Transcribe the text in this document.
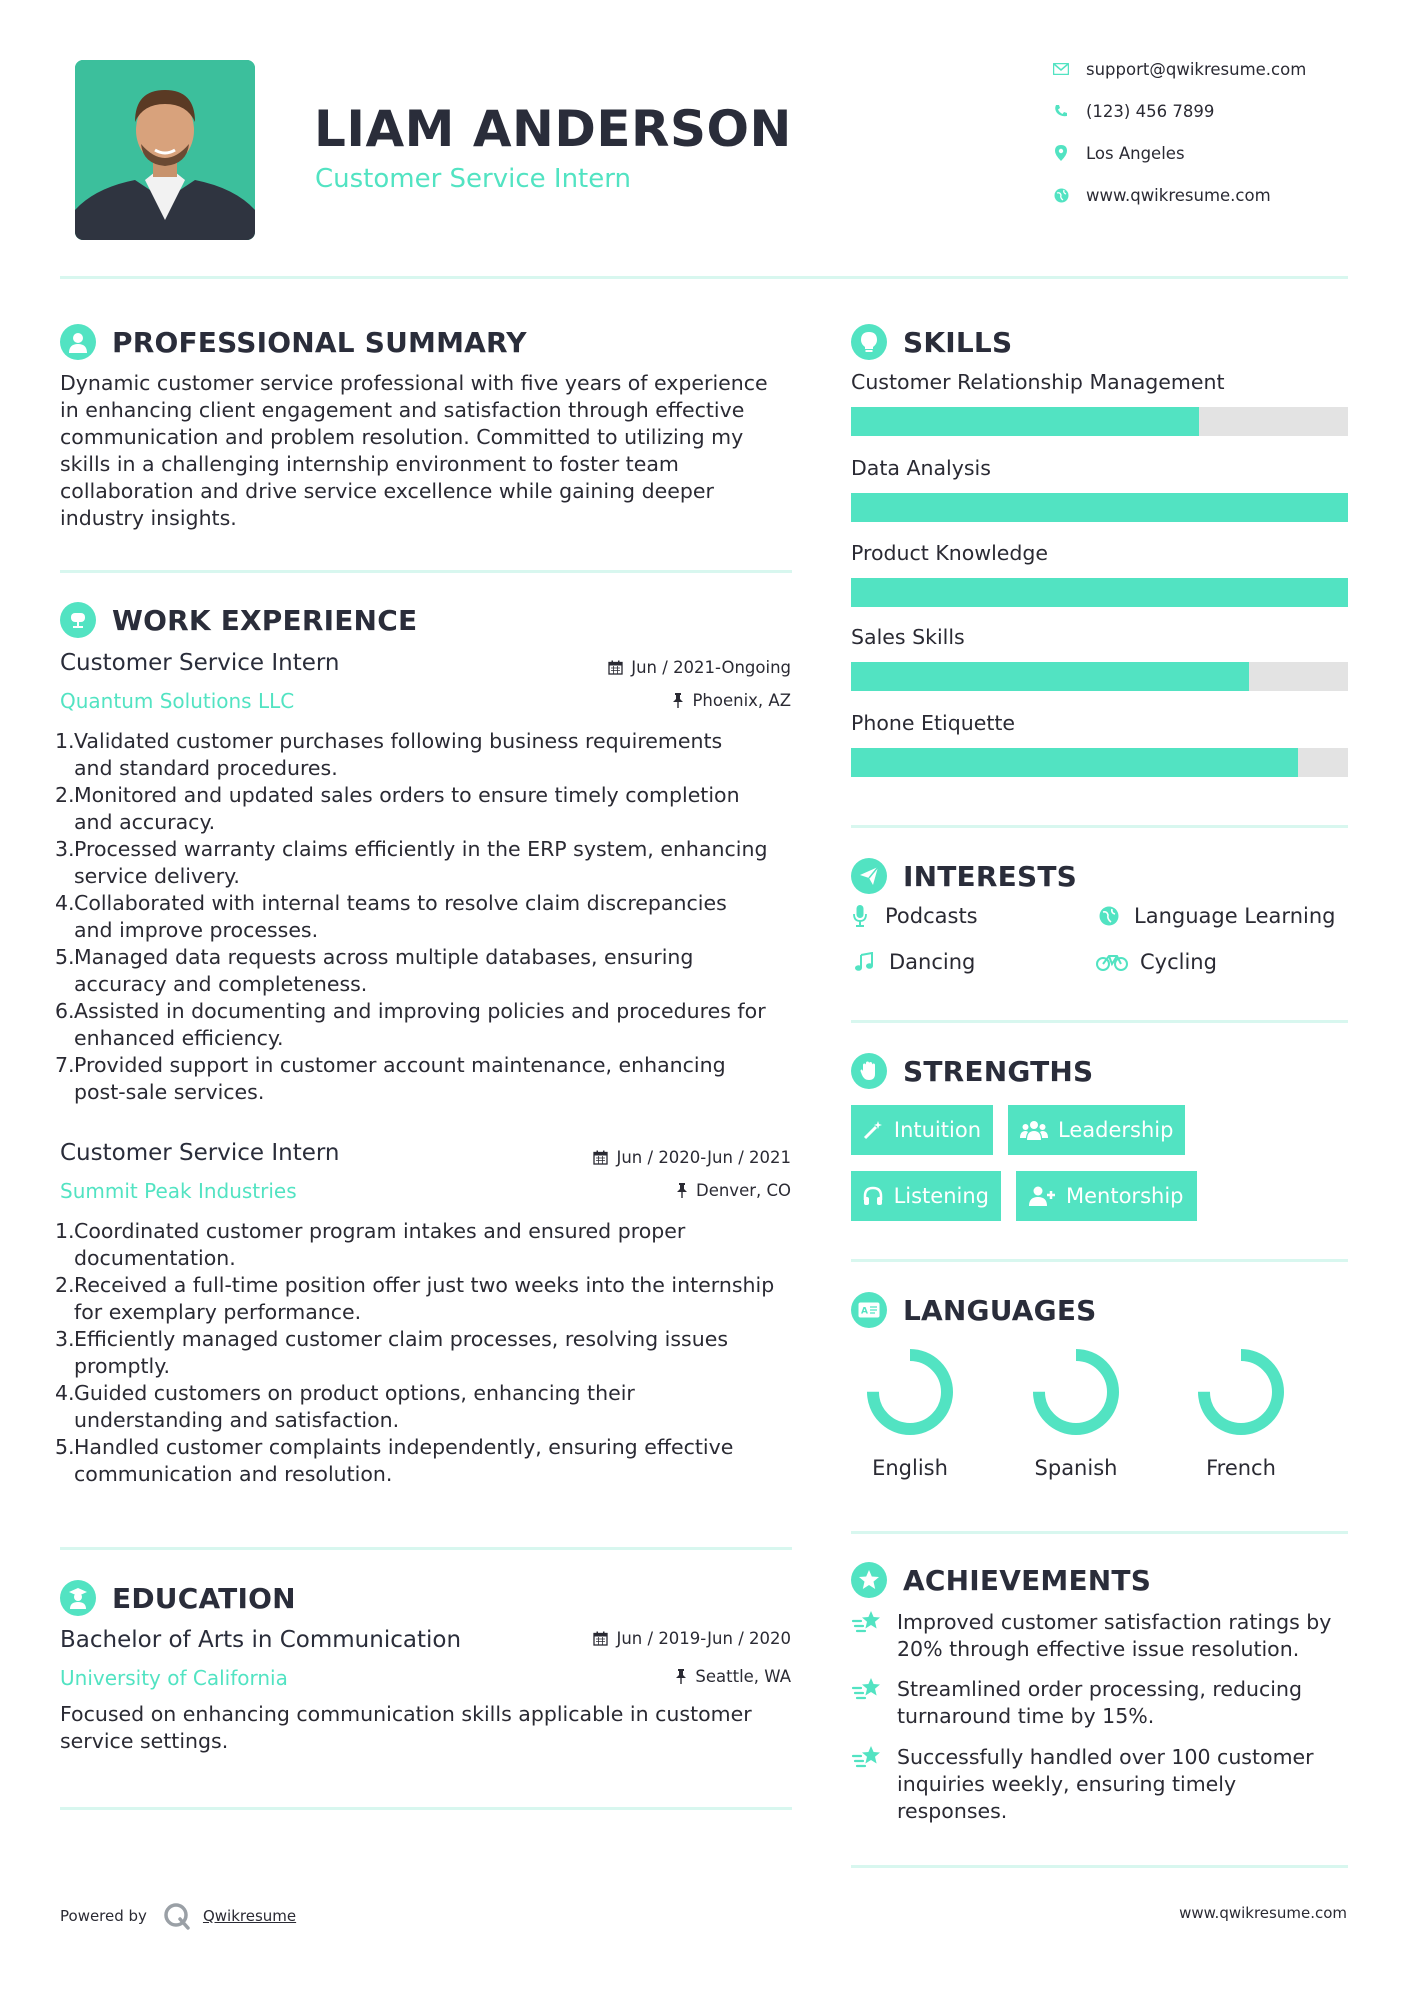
LIAM ANDERSON
Customer Service Intern
support@qwikresume.com
(123) 456 7899
Los Angeles
www.qwikresume.com
PROFESSIONAL SUMMARY
Dynamic customer service professional with five years of experience
in enhancing client engagement and satisfaction through effective
communication and problem resolution. Committed to utilizing my
skills in a challenging internship environment to foster team
collaboration and drive service excellence while gaining deeper
industry insights.
WORK EXPERIENCE
Customer Service Intern
Quantum Solutions LLC
Jun / 2021-Ongoing
Phoenix, AZ
1. Validated customer purchases following business requirements
and standard procedures.
2. Monitored and updated sales orders to ensure timely completion
and accuracy.
3. Processed warranty claims efficiently in the ERP system, enhancing
service delivery.
4. Collaborated with internal teams to resolve claim discrepancies
and improve processes.
5. Managed data requests across multiple databases, ensuring
accuracy and completeness.
6. Assisted in documenting and improving policies and procedures for
enhanced efficiency.
7. Provided support in customer account maintenance, enhancing
post-sale services.
Customer Service Intern
Summit Peak Industries
Jun / 2020-Jun / 2021
Denver, CO
1. Coordinated customer program intakes and ensured proper
documentation.
2. Received a full-time position offer just two weeks into the internship
for exemplary performance.
3. Efficiently managed customer claim processes, resolving issues
promptly.
4. Guided customers on product options, enhancing their
understanding and satisfaction.
5. Handled customer complaints independently, ensuring effective
communication and resolution.
EDUCATION
Bachelor of Arts in Communication
University of California
Jun / 2019-Jun / 2020
Seattle, WA
Focused on enhancing communication skills applicable in customer
service settings.
SKILLS
Customer Relationship Management
Data Analysis
Product Knowledge
Sales Skills
Phone Etiquette
INTERESTS
Podcasts	Language Learning
Dancing	Cycling
STRENGTHS
Intuition	Leadership
Listening	Mentorship
A LANGUAGES
English	Spanish	French
ACHIEVEMENTS
Improved customer satisfaction ratings by
20% through effective issue resolution.
Streamlined order processing, reducing
turnaround time by 15%.
Successfully handled over 100 customer
inquiries weekly, ensuring timely
responses.
Powered by	Qwikresume	www.qwikresume.com
